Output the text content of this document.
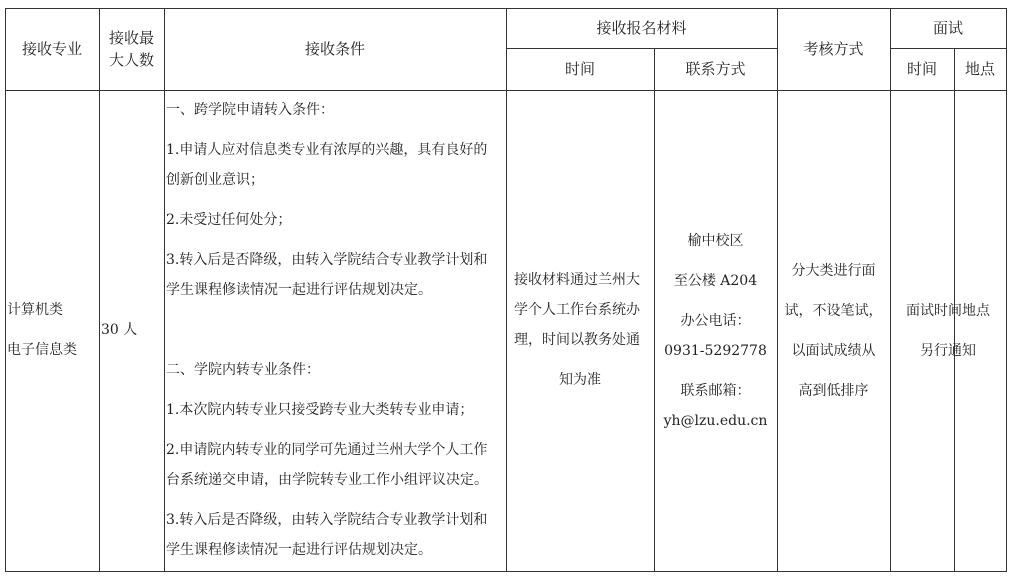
接收专业
接收最
大人数
接收条件
接收报名材料
时间	联系方式
考核方式
面试
时间 地点
计算机类
电子信息类
30 人
一、跨学院申请转入条件：
1.申请人应对信息类专业有浓厚的兴趣，具有良好的
创新创业意识；
2.未受过任何处分；
3.转入后是否降级，由转入学院结合专业教学计划和
学生课程修读情况一起进行评估规划决定。
二、学院内转专业条件：
1.本次院内转专业只接受跨专业大类转专业申请；
2.申请院内转专业的同学可先通过兰州大学个人工作
台系统递交申请，由学院转专业工作小组评议决定。
3.转入后是否降级，由转入学院结合专业教学计划和
学生课程修读情况一起进行评估规划决定。
接收材料通过兰州大
学个人工作台系统办
理，时间以教务处通
知为准
榆中校区
至公楼 A204
办公电话：
0931-5292778
联系邮箱：
yh@lzu.edu.cn
分大类进行面
试，不设笔试，
以面试成绩从
高到低排序
面试时间地点
另行通知
